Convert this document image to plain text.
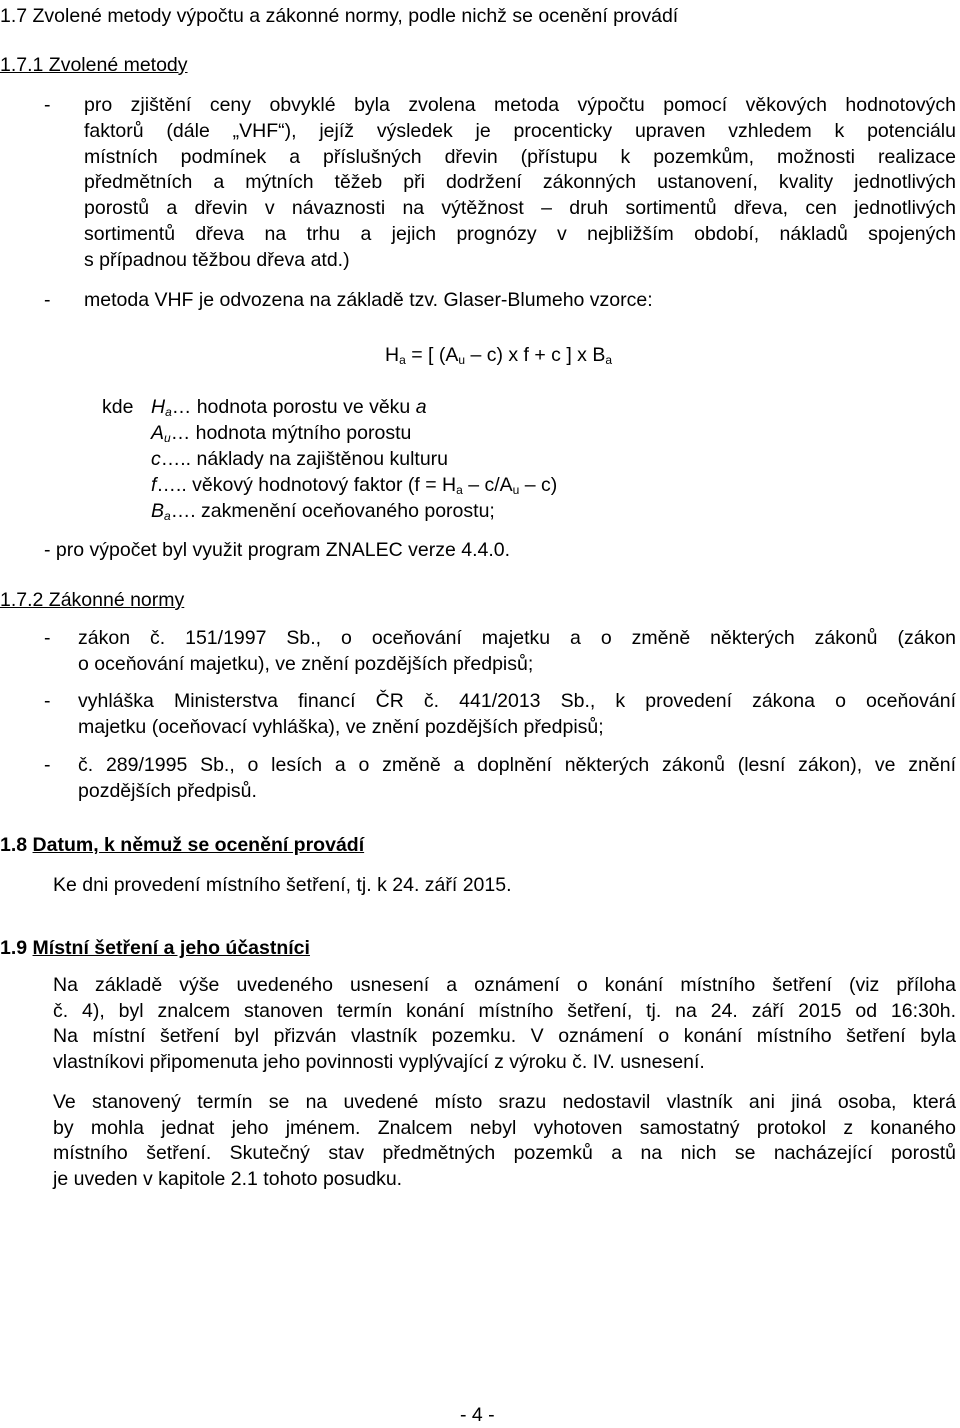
1.7 Zvolené metody výpočtu a zákonné normy, podle nichž se ocenění provádí
1.7.1 Zvolené metody
- pro zjištění ceny obvyklé byla zvolena metoda výpočtu pomocí věkových hodnotových
faktorů (dále „VHF“), jejíž výsledek je procenticky upraven vzhledem k potenciálu
místních podmínek a příslušných dřevin (přístupu k pozemkům, možnosti realizace
předmětních a mýtních těžeb při dodržení zákonných ustanovení, kvality jednotlivých
porostů a dřevin v návaznosti na výtěžnost – druh sortimentů dřeva, cen jednotlivých
sortimentů dřeva na trhu a jejich prognózy v nejbližším období, nákladů spojených
s případnou těžbou dřeva atd.)
- metoda VHF je odvozena na základě tzv. Glaser-Blumeho vzorce:
$H_a$ = [ $(A_u - c)$ x f + c ] x $B_a$
kde $H_a\dots$ hodnota porostu ve věku a
$A_u\dots$ hodnota mýtního porostu
c….. náklady na zajištěnou kulturu
f….. věkový hodnotový faktor $(f = H_a - c/A_u - c)$
$B_a\dots$. zakmenění oceňovaného porostu;
- pro výpočet byl využit program ZNALEC verze 4.4.0.
1.7.2 Zákonné normy
- zákon č. 151/1997 Sb., o oceňování majetku a o změně některých zákonů (zákon
o oceňování majetku), ve znění pozdějších předpisů;
- vyhláška Ministerstva financí ČR č. 441/2013 Sb., k provedení zákona o oceňování
majetku (oceňovací vyhláška), ve znění pozdějších předpisů;
- č. 289/1995 Sb., o lesích a o změně a doplnění některých zákonů (lesní zákon), ve znění
pozdějších předpisů.
1.8 Datum, k němuž se ocenění provádí
Ke dni provedení místního šetření, tj. k 24. září 2015.
1.9 Místní šetření a jeho účastníci
Na základě výše uvedeného usnesení a oznámení o konání místního šetření (viz příloha
č. 4), byl znalcem stanoven termín konání místního šetření, tj. na 24. září 2015 od 16:30h.
Na místní šetření byl přizván vlastník pozemku. V oznámení o konání místního šetření byla
vlastníkovi připomenuta jeho povinnosti vyplývající z výroku č. IV. usnesení.
Ve stanovený termín se na uvedené místo srazu nedostavil vlastník ani jiná osoba, která
by mohla jednat jeho jménem. Znalcem nebyl vyhotoven samostatný protokol z konaného
místního šetření. Skutečný stav předmětných pozemků a na nich se nacházející porostů
je uveden v kapitole 2.1 tohoto posudku.
- 4 -
